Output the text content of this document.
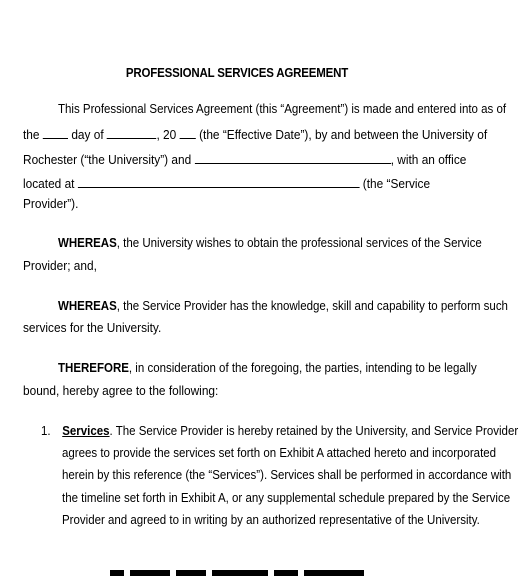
PROFESSIONAL SERVICES AGREEMENT
This Professional Services Agreement (this “Agreement”) is made and entered into as of
the day of	, 20 (the “Effective Date”), by and between the University of
Rochester (“the University”) and	, with an office
located at	(the “Service
Provider”).
WHEREAS, the University wishes to obtain the professional services of the Service
Provider; and,
WHEREAS, the Service Provider has the knowledge, skill and capability to perform such
services for the University.
THEREFORE, in consideration of the foregoing, the parties, intending to be legally
bound, hereby agree to the following:
1. Services. The Service Provider is hereby retained by the University, and Service Provider
agrees to provide the services set forth on Exhibit A attached hereto and incorporated
herein by this reference (the “Services”). Services shall be performed in accordance with
the timeline set forth in Exhibit A, or any supplemental schedule prepared by the Service
Provider and agreed to in writing by an authorized representative of the University.
